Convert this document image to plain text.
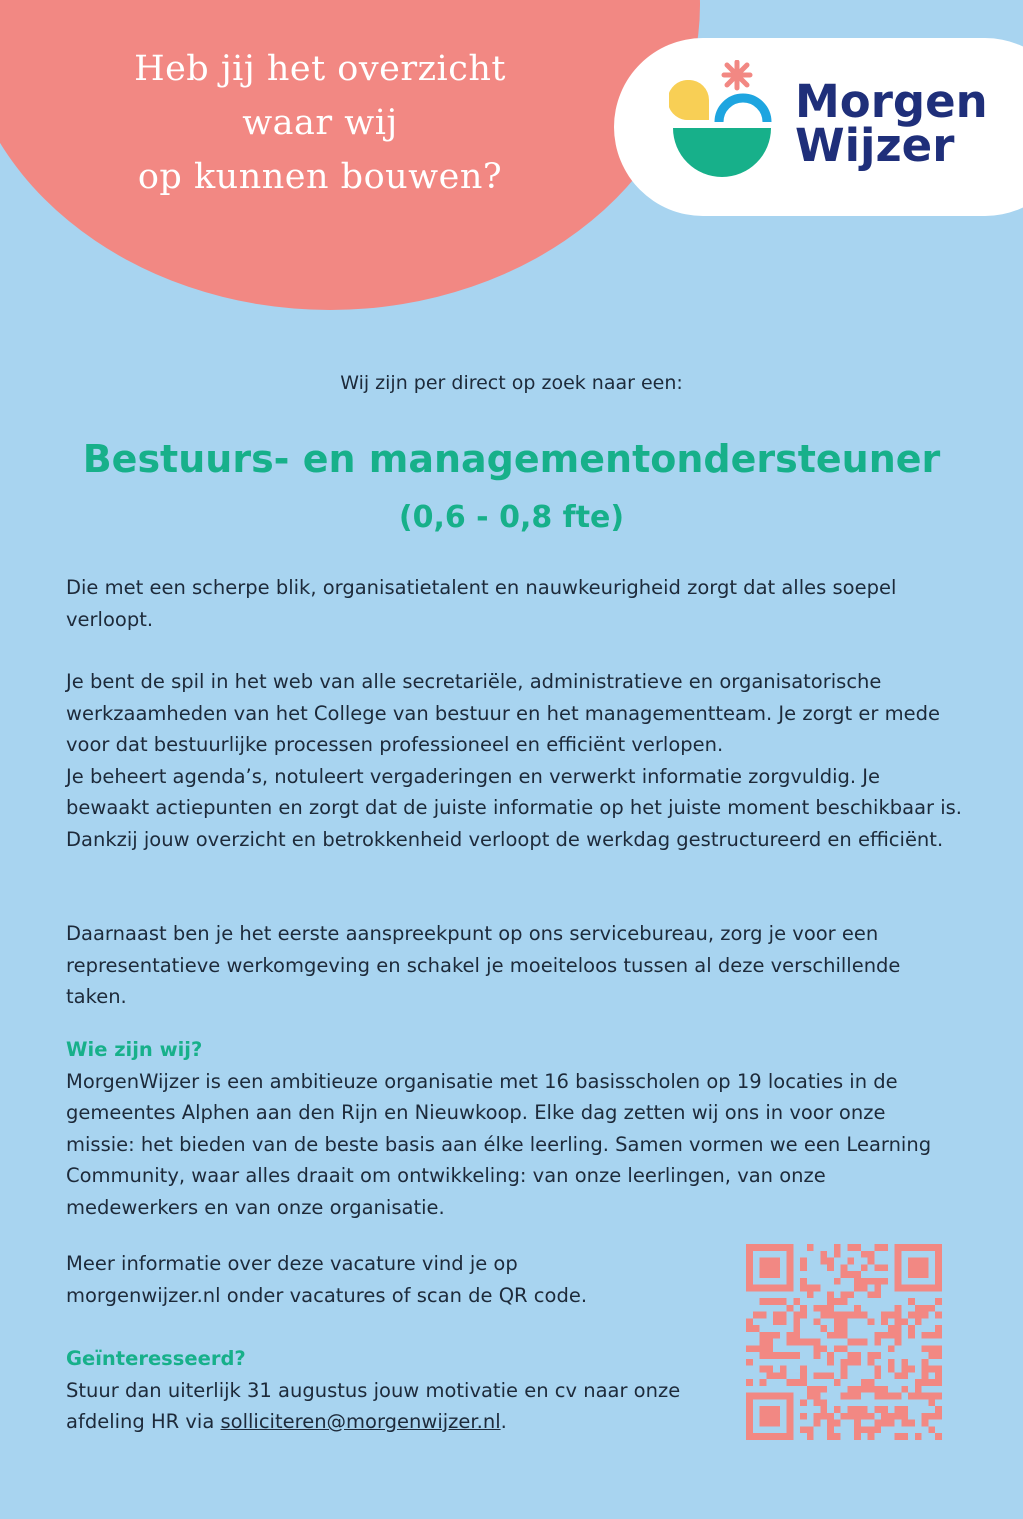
Heb jij het overzicht
waar wij
op kunnen bouwen?
Morgen
Wijzer
Wij zijn per direct op zoek naar een:
Bestuurs- en managementondersteuner
(0,6 - 0,8 fte)

Die met een scherpe blik, organisatietalent en nauwkeurigheid zorgt dat alles soepel verloopt.

Je bent de spil in het web van alle secretariële, administratieve en organisatorische werkzaamheden van het College van bestuur en het managementteam. Je zorgt er mede voor dat bestuurlijke processen professioneel en efficiënt verlopen.

Je beheert agenda’s, notuleert vergaderingen en verwerkt informatie zorgvuldig. Je bewaakt actiepunten en zorgt dat de juiste informatie op het juiste moment beschikbaar is. Dankzij jouw overzicht en betrokkenheid verloopt de werkdag gestructureerd en efficiënt.

Daarnaast ben je het eerste aanspreekpunt op ons servicebureau, zorg je voor een representatieve werkomgeving en schakel je moeiteloos tussen al deze verschillende taken.

Wie zijn wij?

MorgenWijzer is een ambitieuze organisatie met 16 basisscholen op 19 locaties in de gemeentes Alphen aan den Rijn en Nieuwkoop. Elke dag zetten wij ons in voor onze missie: het bieden van de beste basis aan élke leerling. Samen vormen we een Learning Community, waar alles draait om ontwikkeling: van onze leerlingen, van onze medewerkers en van onze organisatie.

Meer informatie over deze vacature vind je op morgenwijzer.nl onder vacatures of scan de QR code.

Geïnteresseerd?

Stuur dan uiterlijk 31 augustus jouw motivatie en cv naar onze afdeling HR via solliciteren@morgenwijzer.nl.
